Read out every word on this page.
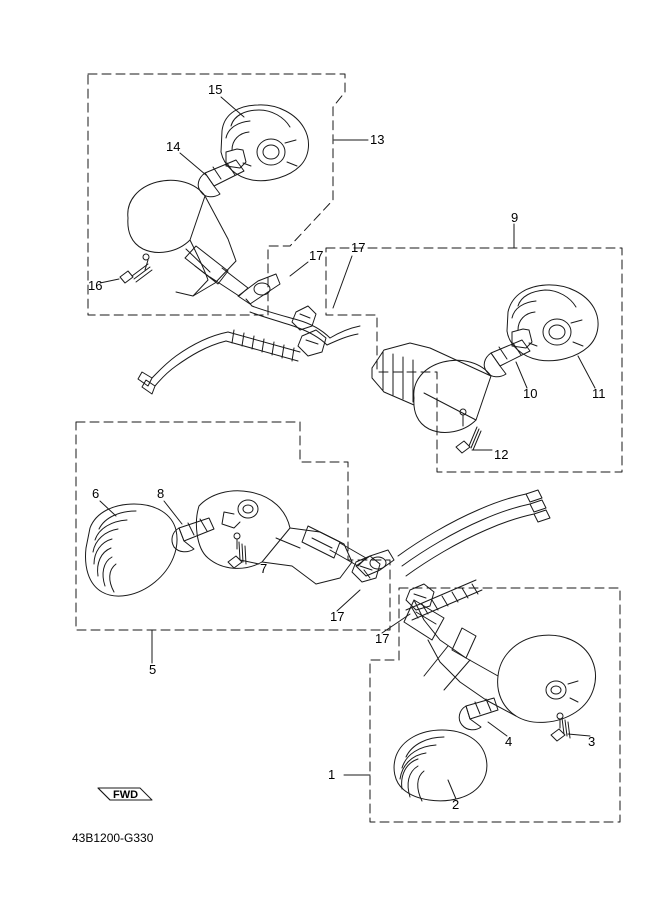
15
13
14
16
17
17
9
11
10
12
6	8
7
5
17
17
1
2
4	3
FWD
43B1200-G330
